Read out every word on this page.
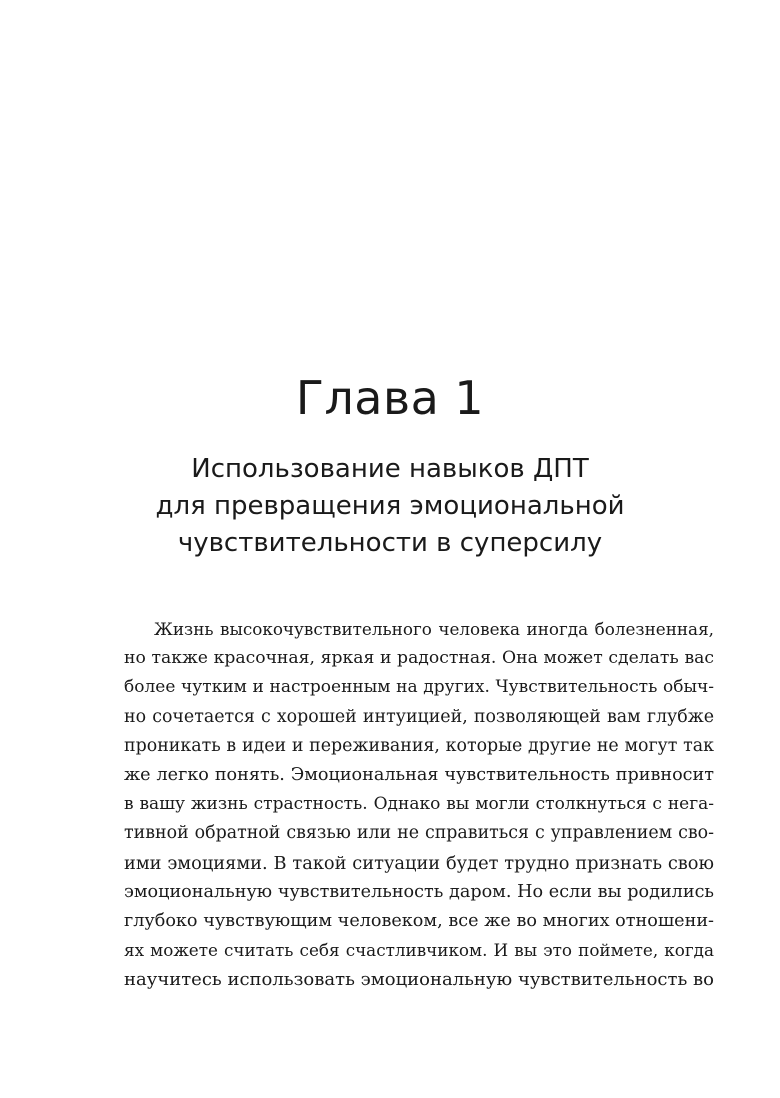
Глава 1
Использование навыков ДПТ
для превращения эмоциональной
чувствительности в суперсилу
Жизнь высокочувствительного человека иногда болезненная,
но также красочная, яркая и радостная. Она может сделать вас
более чутким и настроенным на других. Чувствительность обыч-
но сочетается с хорошей интуицией, позволяющей вам глубже
проникать в идеи и переживания, которые другие не могут так
же легко понять. Эмоциональная чувствительность привносит
в вашу жизнь страстность. Однако вы могли столкнуться с нега-
тивной обратной связью или не справиться с управлением сво-
ими эмоциями. В такой ситуации будет трудно признать свою
эмоциональную чувствительность даром. Но если вы родились
глубоко чувствующим человеком, все же во многих отношени-
ях можете считать себя счастливчиком. И вы это поймете, когда
научитесь использовать эмоциональную чувствительность во
